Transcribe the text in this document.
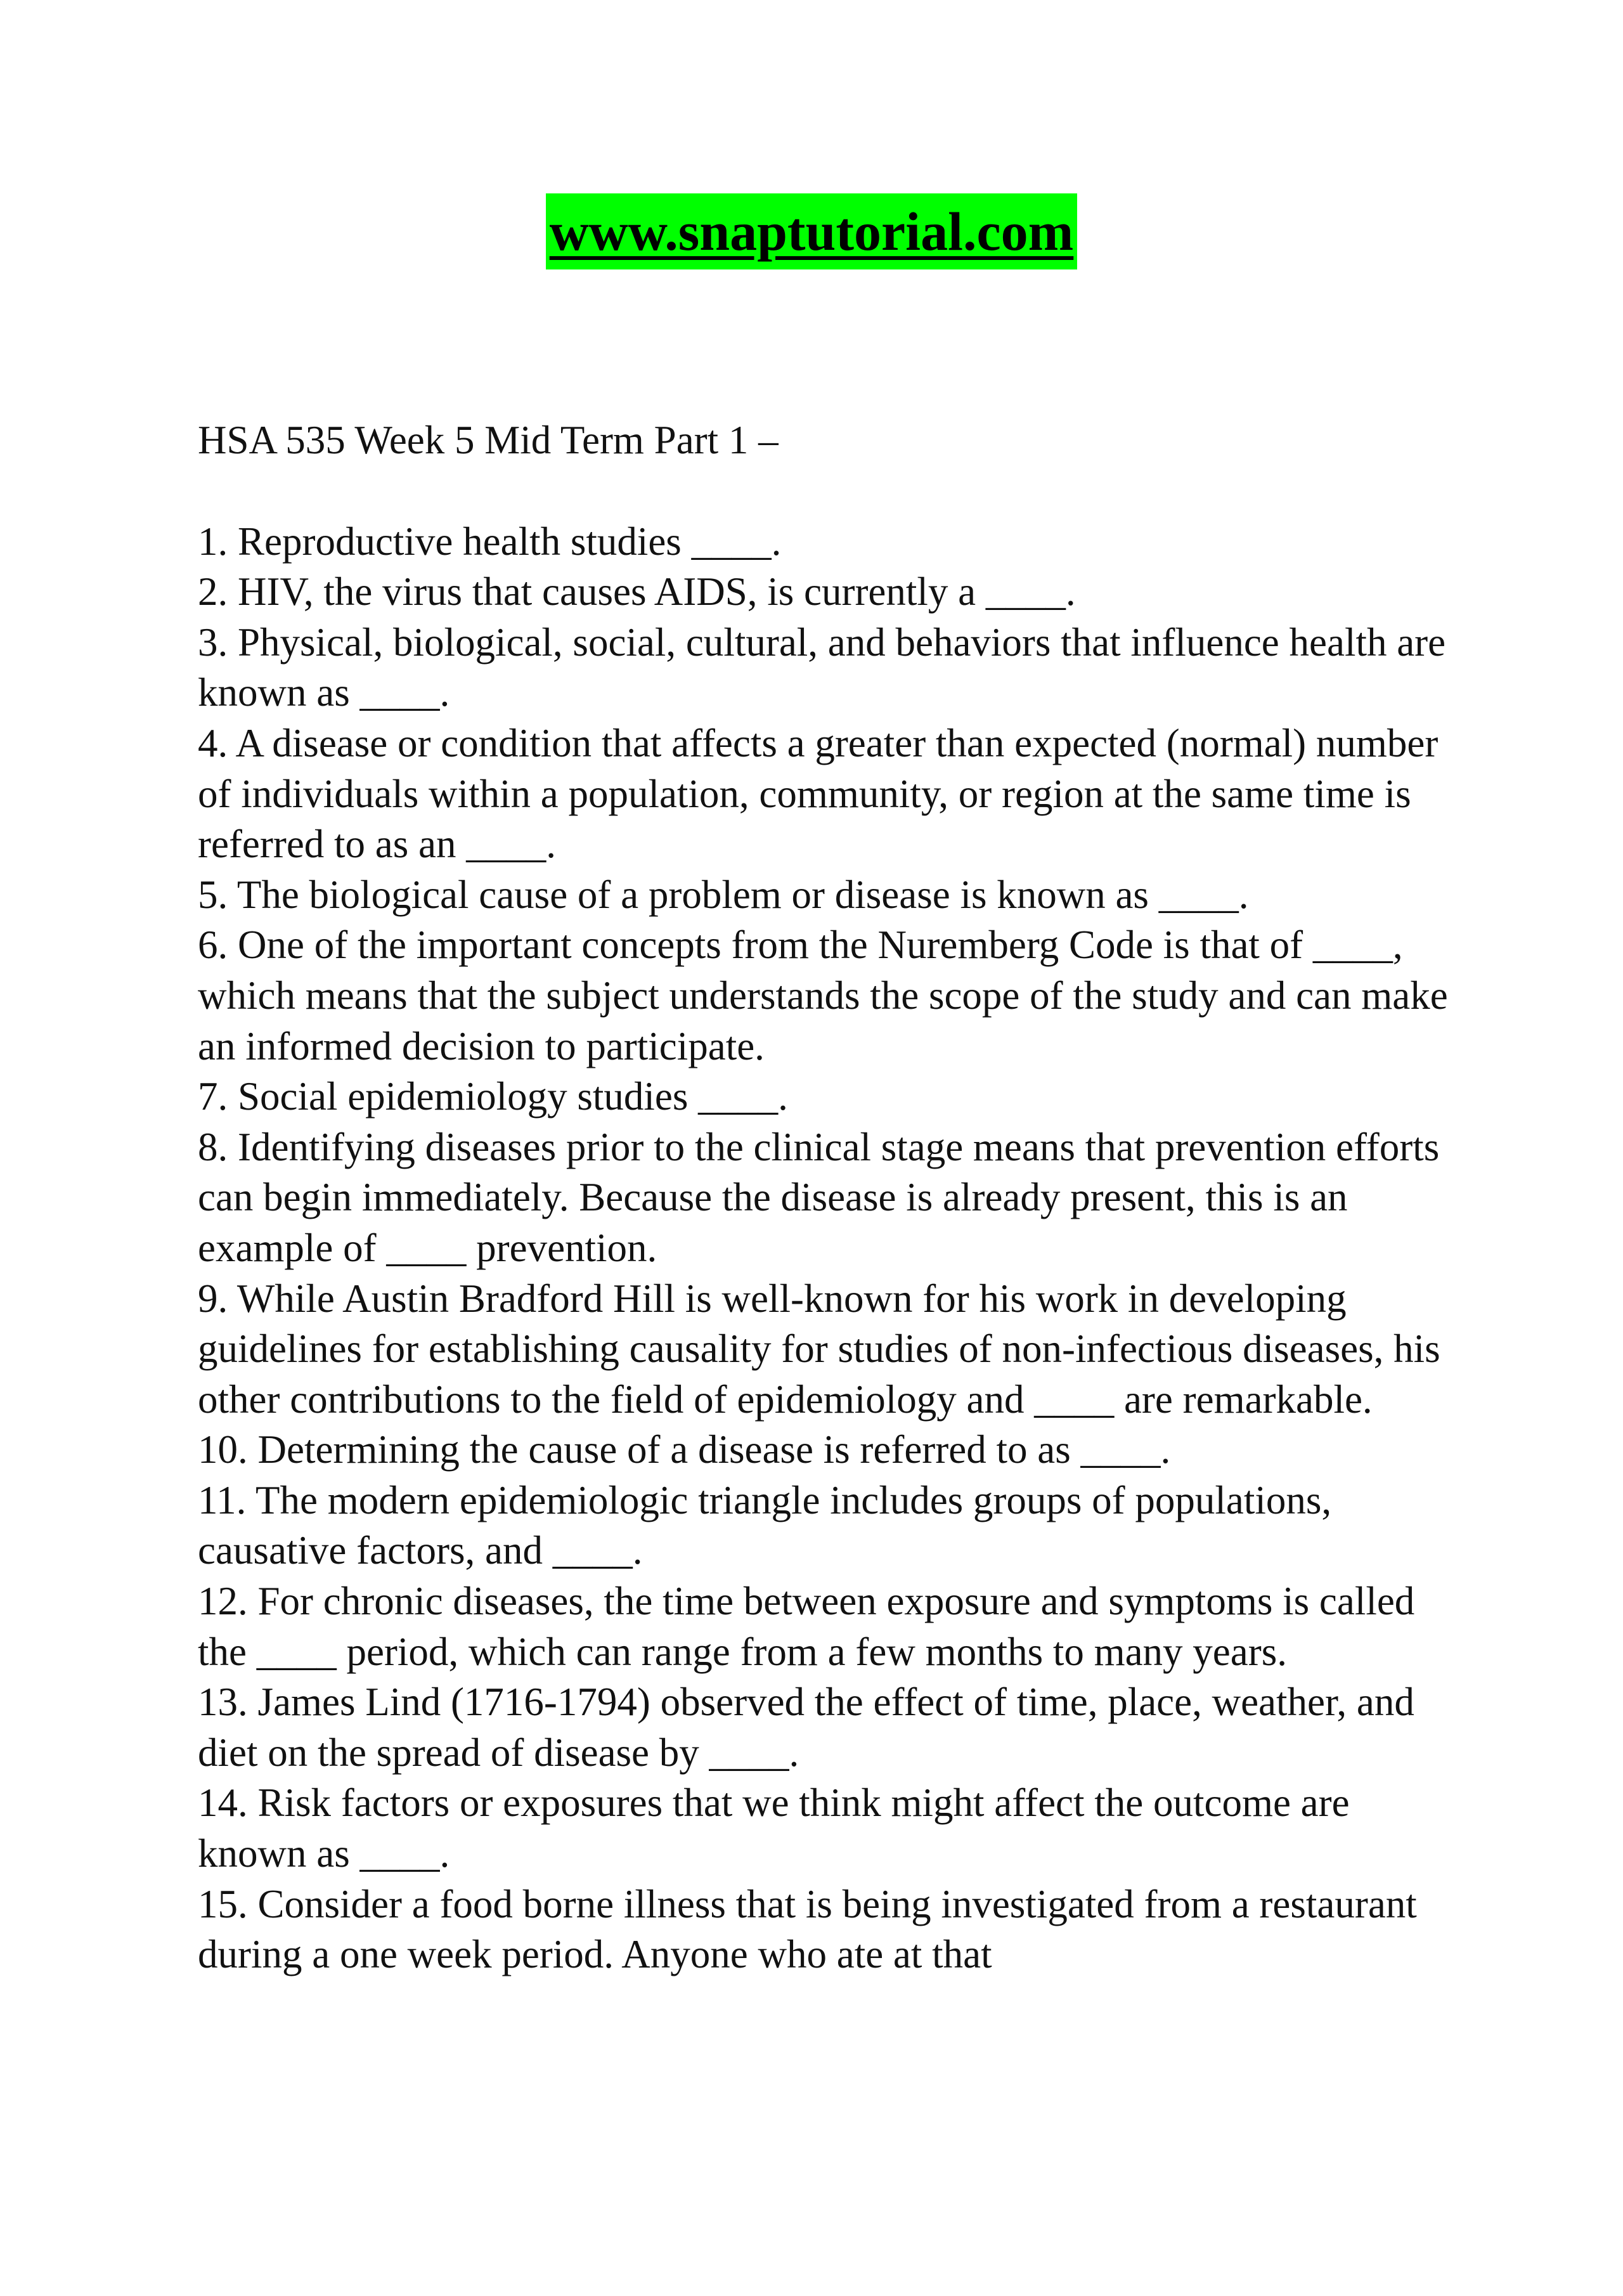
www.snaptutorial.com
HSA 535 Week 5 Mid Term Part 1 –
1. Reproductive health studies ____.
2. HIV, the virus that causes AIDS, is currently a ____.
3. Physical, biological, social, cultural, and behaviors that influence health are known as ____.
4. A disease or condition that affects a greater than expected (normal) number of individuals within a population, community, or region at the same time is referred to as an ____.
5. The biological cause of a problem or disease is known as ____.
6. One of the important concepts from the Nuremberg Code is that of ____, which means that the subject understands the scope of the study and can make an informed decision to participate.
7. Social epidemiology studies ____.
8. Identifying diseases prior to the clinical stage means that prevention efforts can begin immediately. Because the disease is already present, this is an example of ____ prevention.
9. While Austin Bradford Hill is well-known for his work in developing guidelines for establishing causality for studies of non-infectious diseases, his other contributions to the field of epidemiology and ____ are remarkable.
10. Determining the cause of a disease is referred to as ____.
11. The modern epidemiologic triangle includes groups of populations, causative factors, and ____.
12. For chronic diseases, the time between exposure and symptoms is called the ____ period, which can range from a few months to many years.
13. James Lind (1716-1794) observed the effect of time, place, weather, and diet on the spread of disease by ____.
14. Risk factors or exposures that we think might affect the outcome are known as ____.
15. Consider a food borne illness that is being investigated from a restaurant during a one week period. Anyone who ate at that
